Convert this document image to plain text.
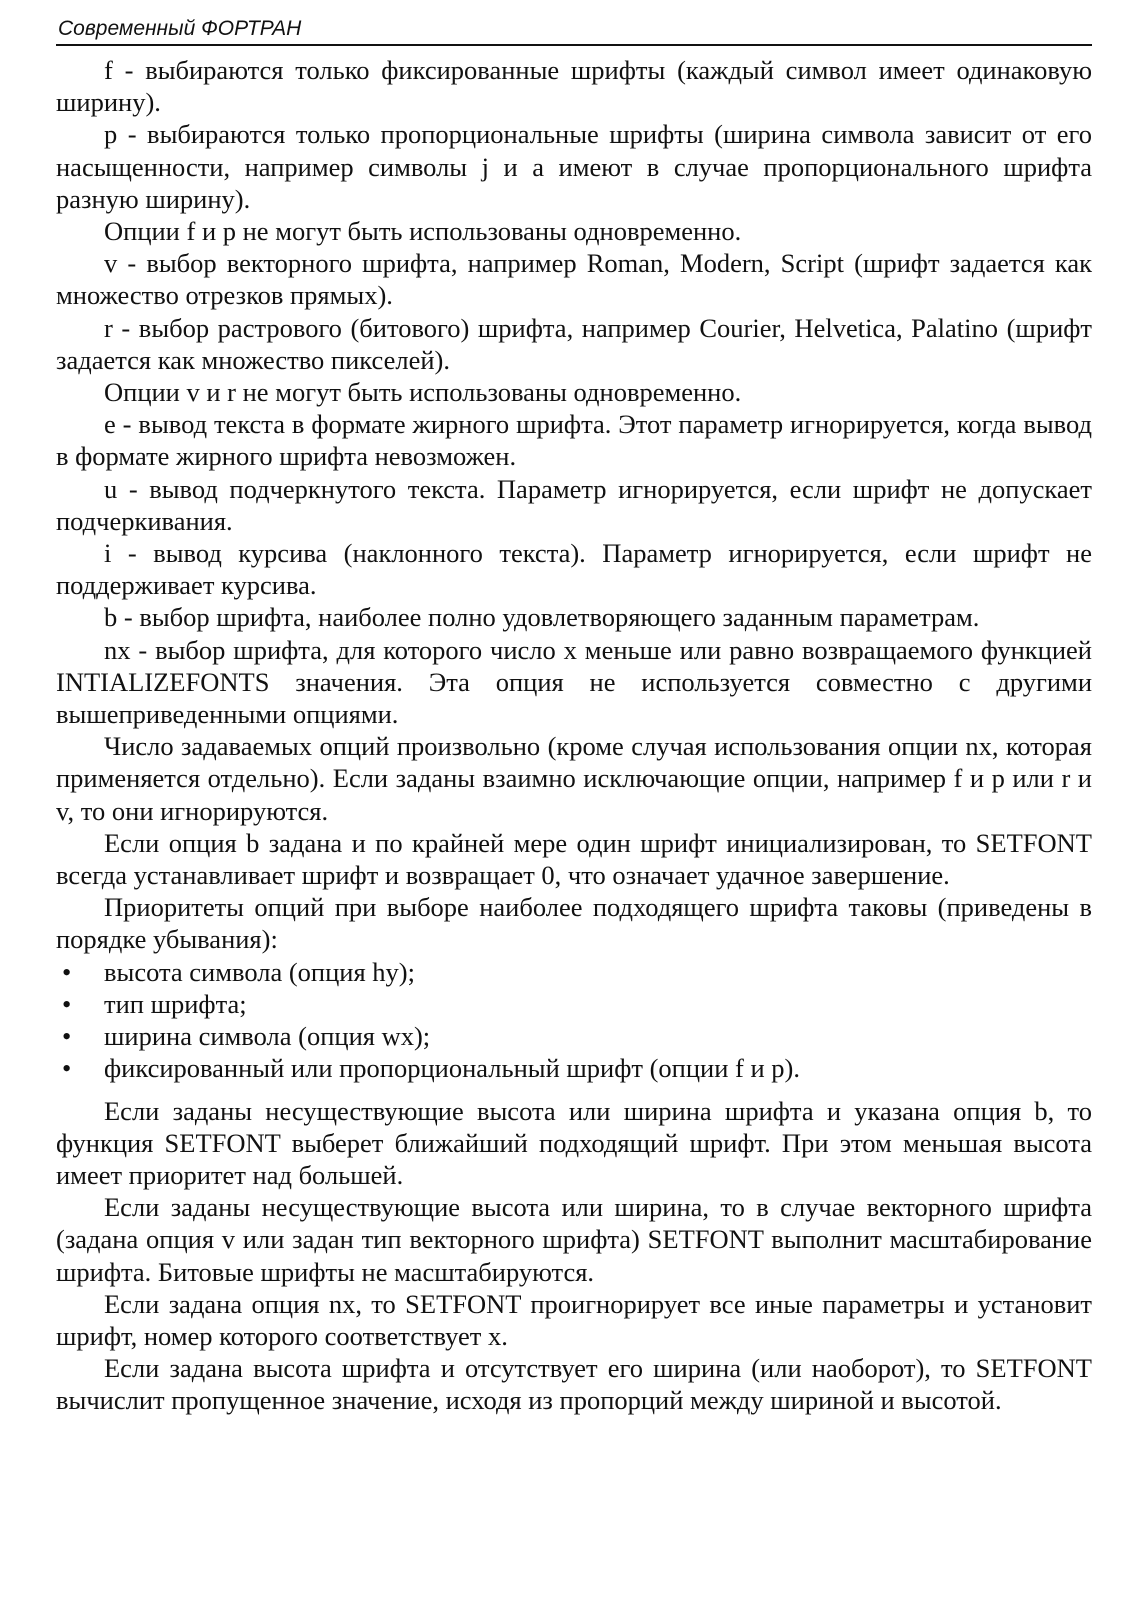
Современный ФОРТРАН

f - выбираются только фиксированные шрифты (каждый символ имеет одинаковую ширину).

p - выбираются только пропорциональные шрифты (ширина символа зависит от его насыщенности, например символы j и a имеют в случае пропорционального шрифта разную ширину).

Опции f и p не могут быть использованы одновременно.

v - выбор векторного шрифта, например Roman, Modern, Script (шрифт задается как множество отрезков прямых).

r - выбор растрового (битового) шрифта, например Courier, Helvetica, Palatino (шрифт задается как множество пикселей).

Опции v и r не могут быть использованы одновременно.

e - вывод текста в формате жирного шрифта. Этот параметр игнорируется, когда вывод в формате жирного шрифта невозможен.

u - вывод подчеркнутого текста. Параметр игнорируется, если шрифт не допускает подчеркивания.

i - вывод курсива (наклонного текста). Параметр игнорируется, если шрифт не поддерживает курсива.

b - выбор шрифта, наиболее полно удовлетворяющего заданным параметрам.

nx - выбор шрифта, для которого число x меньше или равно возвращаемого функцией INTIALIZEFONTS значения. Эта опция не используется совместно с другими вышеприведенными опциями.

Число задаваемых опций произвольно (кроме случая использования опции nx, которая применяется отдельно). Если заданы взаимно исключающие опции, например f и p или r и v, то они игнорируются.

Если опция b задана и по крайней мере один шрифт инициализирован, то SETFONT всегда устанавливает шрифт и возвращает 0, что означает удачное завершение.

Приоритеты опций при выборе наиболее подходящего шрифта таковы (приведены в порядке убывания):

• высота символа (опция hy);
• тип шрифта;
• ширина символа (опция wx);
• фиксированный или пропорциональный шрифт (опции f и p).

Если заданы несуществующие высота или ширина шрифта и указана опция b, то функция SETFONT выберет ближайший подходящий шрифт. При этом меньшая высота имеет приоритет над большей.

Если заданы несуществующие высота или ширина, то в случае векторного шрифта (задана опция v или задан тип векторного шрифта) SETFONT выполнит масштабирование шрифта. Битовые шрифты не масштабируются.

Если задана опция nx, то SETFONT проигнорирует все иные параметры и установит шрифт, номер которого соответствует x.

Если задана высота шрифта и отсутствует его ширина (или наоборот), то SETFONT вычислит пропущенное значение, исходя из пропорций между шириной и высотой.
